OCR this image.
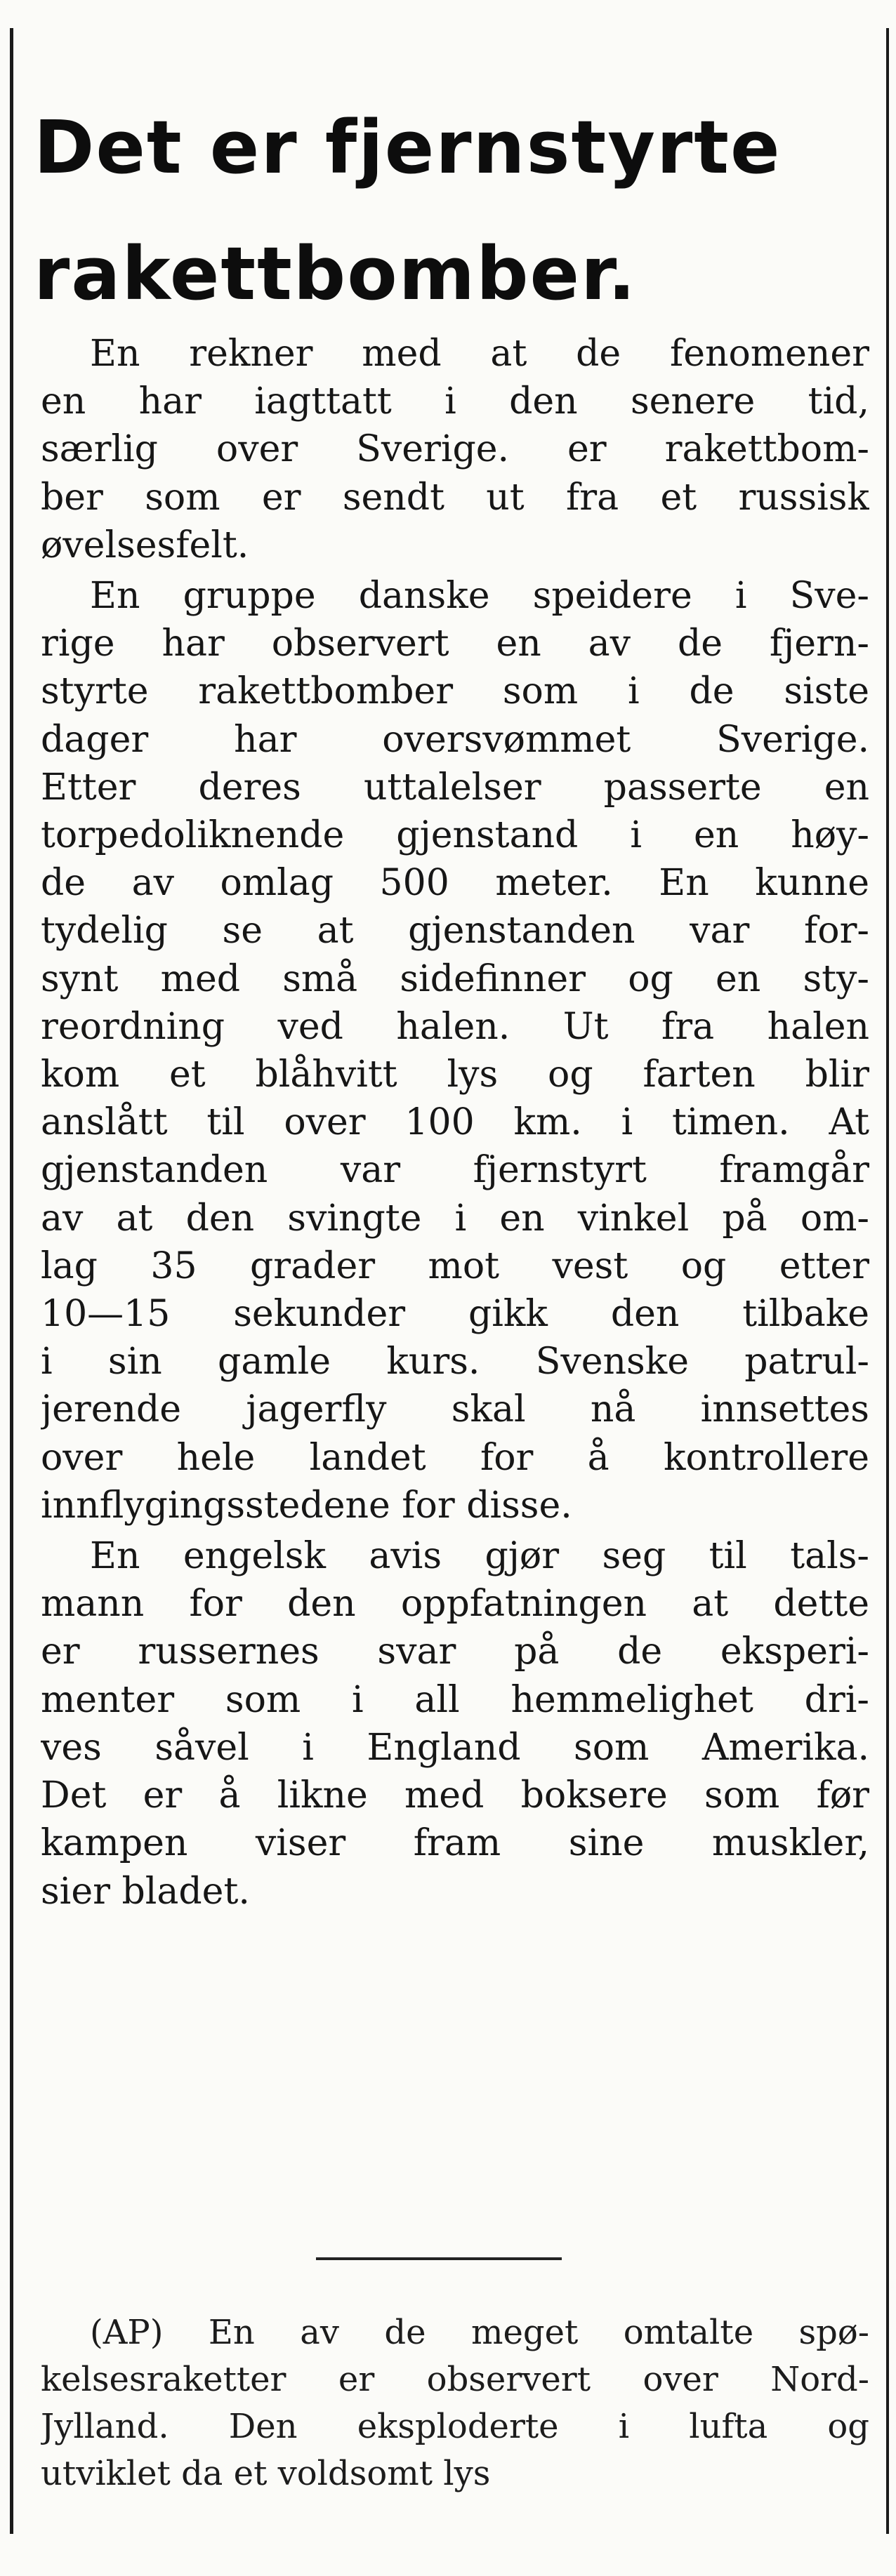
Det er fjernstyrte
rakettbomber.
En rekner med at de fenomener
en har iagttatt i den senere tid,
særlig over Sverige. er rakettbom-
ber som er sendt ut fra et russisk
øvelsesfelt.
En gruppe danske speidere i Sve-
rige har observert en av de fjern-
styrte rakettbomber som i de siste
dager har oversvømmet Sverige.
Etter deres uttalelser passerte en
torpedoliknende gjenstand i en høy-
de av omlag 500 meter. En kunne
tydelig se at gjenstanden var for-
synt med små sidefinner og en sty-
reordning ved halen. Ut fra halen
kom et blåhvitt lys og farten blir
anslått til over 100 km. i timen. At
gjenstanden var fjernstyrt framgår
av at den svingte i en vinkel på om-
lag 35 grader mot vest og etter
10—15 sekunder gikk den tilbake
i sin gamle kurs. Svenske patrul-
jerende jagerfly skal nå innsettes
over hele landet for å kontrollere
innflygingsstedene for disse.
En engelsk avis gjør seg til tals-
mann for den oppfatningen at dette
er russernes svar på de eksperi-
menter som i all hemmelighet dri-
ves såvel i England som Amerika.
Det er å likne med boksere som før
kampen viser fram sine muskler,
sier bladet.
(AP) En av de meget omtalte spø-
kelsesraketter er observert over Nord-
Jylland. Den eksploderte i lufta og
utviklet da et voldsomt lys
